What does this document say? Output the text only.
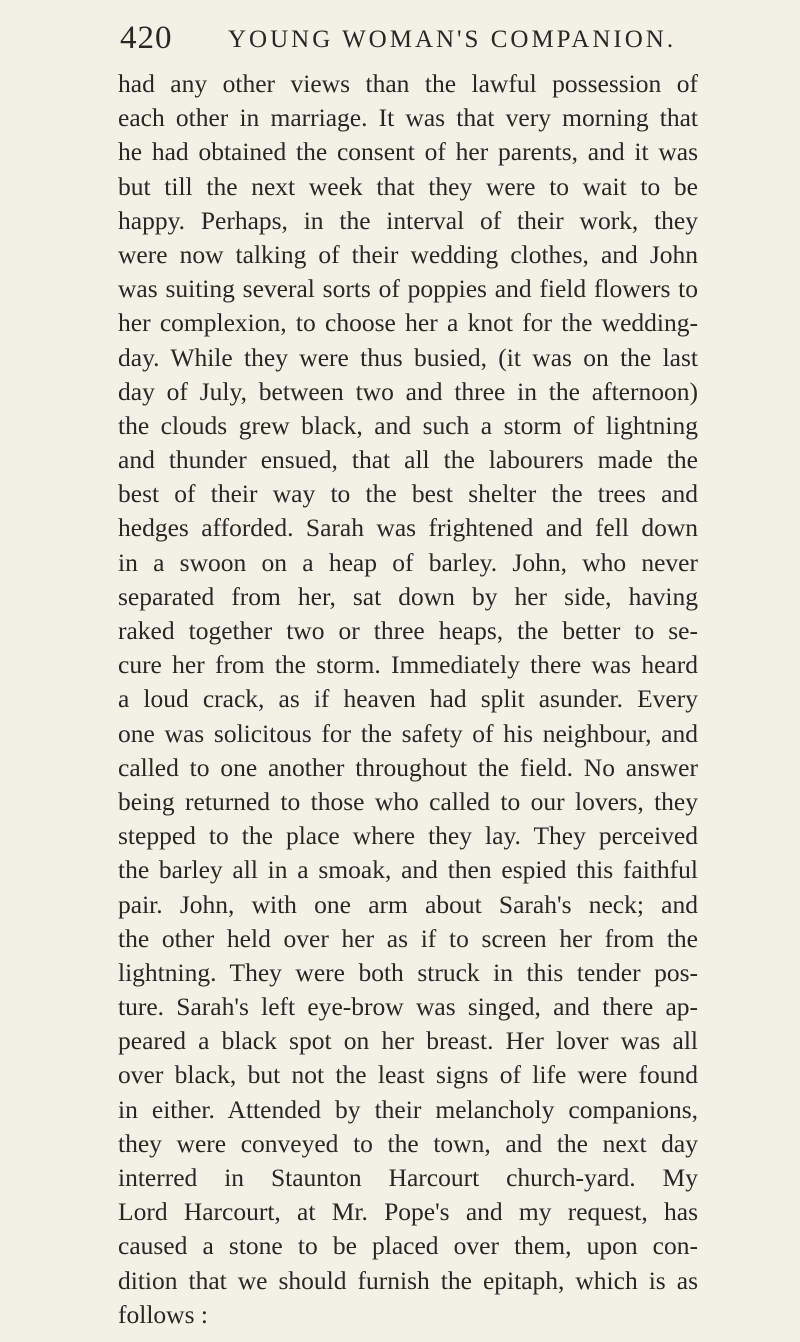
420 YOUNG WOMAN'S COMPANION.
had any other views than the lawful possession of
each other in marriage. It was that very morning that
he had obtained the consent of her parents, and it was
but till the next week that they were to wait to be
happy. Perhaps, in the interval of their work, they
were now talking of their wedding clothes, and John
was suiting several sorts of poppies and field flowers to
her complexion, to choose her a knot for the wedding-
day. While they were thus busied, (it was on the last
day of July, between two and three in the afternoon)
the clouds grew black, and such a storm of lightning
and thunder ensued, that all the labourers made the
best of their way to the best shelter the trees and
hedges afforded. Sarah was frightened and fell down
in a swoon on a heap of barley. John, who never
separated from her, sat down by her side, having
raked together two or three heaps, the better to se-
cure her from the storm. Immediately there was heard
a loud crack, as if heaven had split asunder. Every
one was solicitous for the safety of his neighbour, and
called to one another throughout the field. No answer
being returned to those who called to our lovers, they
stepped to the place where they lay. They perceived
the barley all in a smoak, and then espied this faithful
pair. John, with one arm about Sarah's neck; and
the other held over her as if to screen her from the
lightning. They were both struck in this tender pos-
ture. Sarah's left eye-brow was singed, and there ap-
peared a black spot on her breast. Her lover was all
over black, but not the least signs of life were found
in either. Attended by their melancholy companions,
they were conveyed to the town, and the next day
interred in Staunton Harcourt church-yard. My
Lord Harcourt, at Mr. Pope's and my request, has
caused a stone to be placed over them, upon con-
dition that we should furnish the epitaph, which is as
follows :
